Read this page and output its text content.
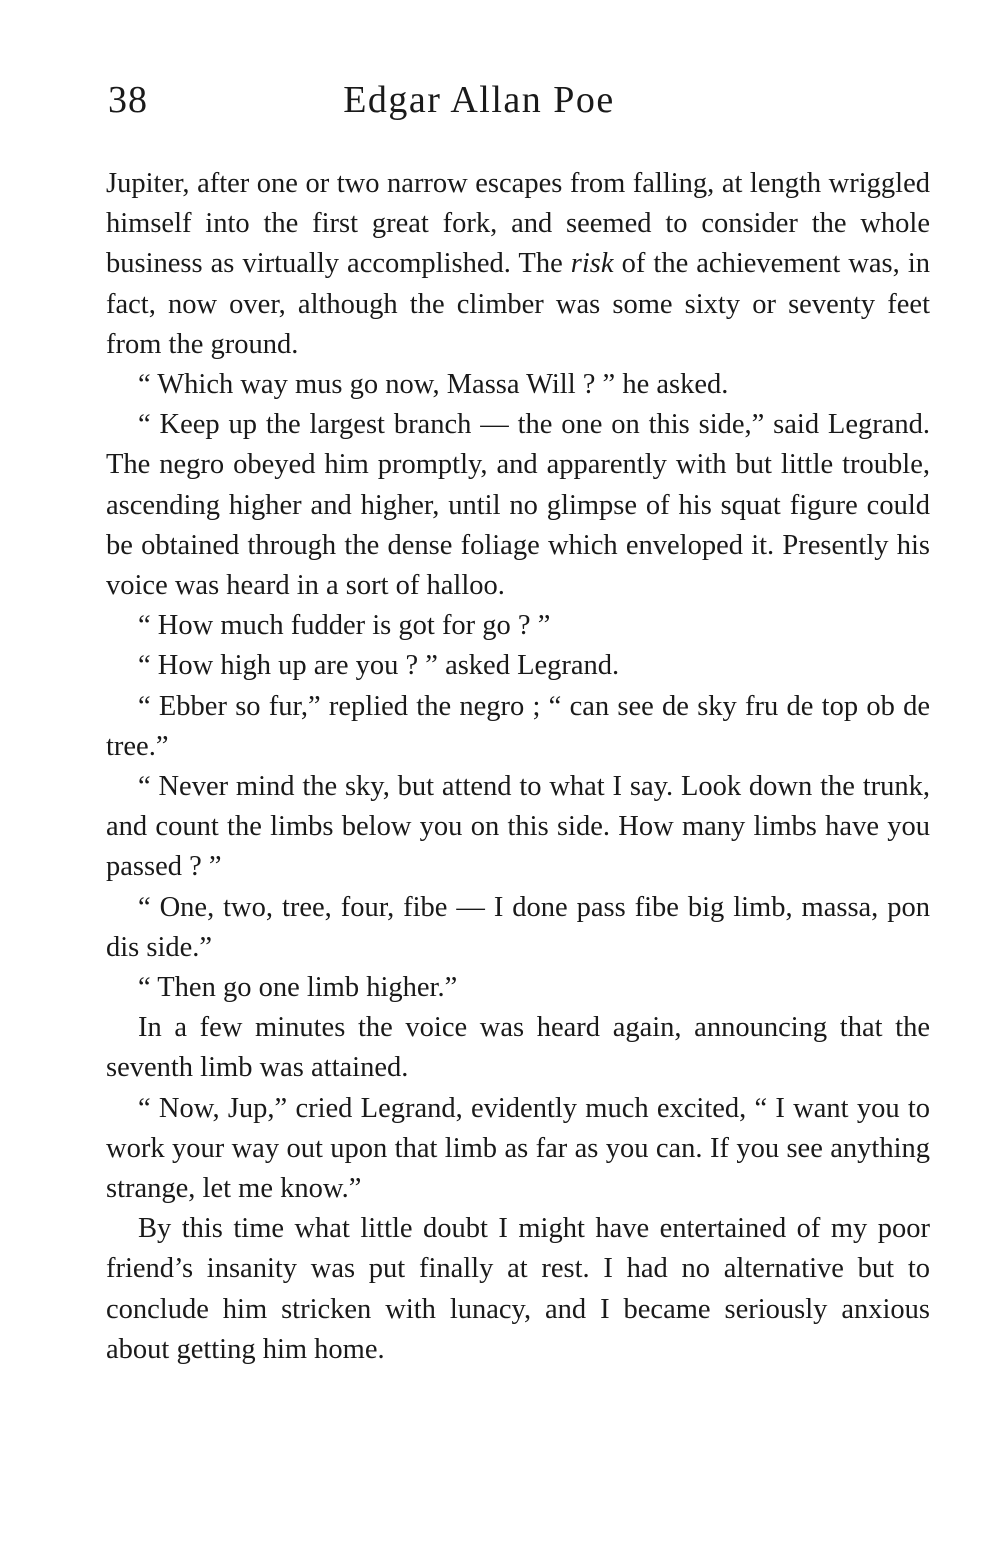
38	Edgar Allan Poe

Jupiter, after one or two narrow escapes from falling, at length wriggled himself into the first great fork, and seemed to consider the whole business as virtually accomplished. The risk of the achievement was, in fact, now over, although the climber was some sixty or seventy feet from the ground.

“ Which way mus go now, Massa Will ? ” he asked.

“ Keep up the largest branch — the one on this side,” said Legrand. The negro obeyed him promptly, and apparently with but little trouble, ascending higher and higher, until no glimpse of his squat figure could be obtained through the dense foliage which enveloped it. Presently his voice was heard in a sort of halloo.

“ How much fudder is got for go ? ”

“ How high up are you ? ” asked Legrand.

“ Ebber so fur,” replied the negro ; “ can see de sky fru de top ob de tree.”

“ Never mind the sky, but attend to what I say. Look down the trunk, and count the limbs below you on this side. How many limbs have you passed ? ”

“ One, two, tree, four, fibe — I done pass fibe big limb, massa, pon dis side.”

“ Then go one limb higher.”

In a few minutes the voice was heard again, announcing that the seventh limb was attained.

“ Now, Jup,” cried Legrand, evidently much excited, “ I want you to work your way out upon that limb as far as you can. If you see anything strange, let me know.”

By this time what little doubt I might have entertained of my poor friend’s insanity was put finally at rest. I had no alternative but to conclude him stricken with lunacy, and I became seriously anxious about getting him home.
